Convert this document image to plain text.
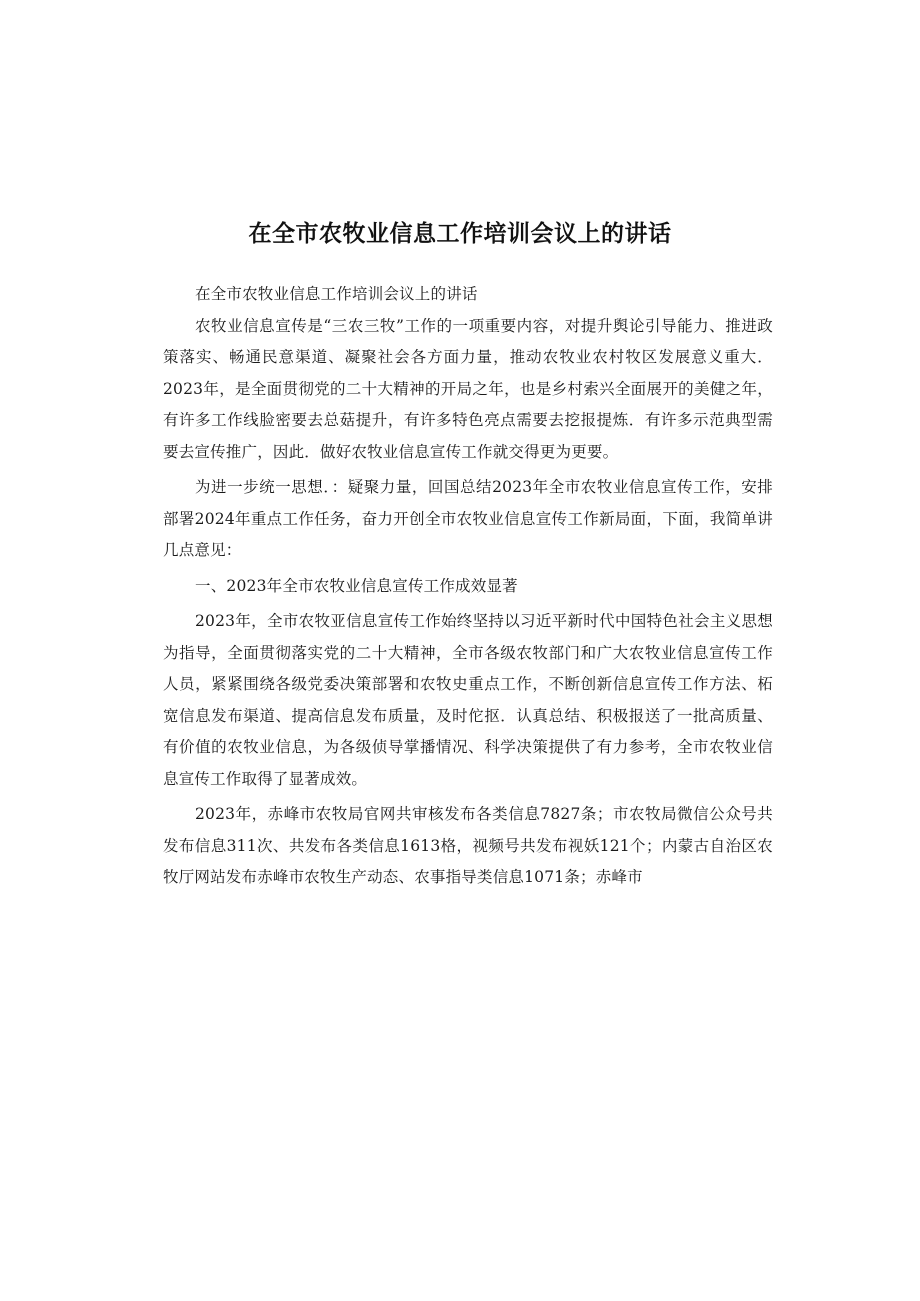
在全市农牧业信息工作培训会议上的讲话

在全市农牧业信息工作培训会议上的讲话

农牧业信息宣传是“三农三牧”工作的一项重要内容，对提升舆论引导能力、推进政策落实、畅通民意渠道、凝聚社会各方面力量，推动农牧业农村牧区发展意义重大．2023年，是全面贯彻党的二十大精神的开局之年，也是乡村索兴全面展开的美健之年，有许多工作线脸密要去总菇提升，有许多特色亮点需要去挖报提炼．有许多示范典型需要去宣传推广，因此．做好农牧业信息宣传工作就交得更为更要。

为进一步统一思想．：疑聚力量，回国总结2023年全市农牧业信息宣传工作，安排部署2024年重点工作任务，奋力开创全市农牧业信息宣传工作新局面，下面，我简单讲几点意见：

一、2023年全市农牧业信息宣传工作成效显著

2023年，全市农牧亚信息宣传工作始终坚持以习近平新时代中国特色社会主义思想为指导，全面贯彻落实党的二十大精神，全市各级农牧部门和广大农牧业信息宣传工作人员，紧紧围绕各级党委决策部署和农牧史重点工作，不断创新信息宣传工作方法、柘宽信息发布渠道、提高信息发布质量，及时佗抠．认真总结、积极报送了一批高质量、有价值的农牧业信息，为各级侦导掌播情况、科学决策提供了有力参考，全市农牧业信息宣传工作取得了显著成效。

2023年，赤峰市农牧局官网共审核发布各类信息7827条；市农牧局微信公众号共发布信息311次、共发布各类信息1613格，视频号共发布视妖121个；内蒙古自治区农牧厅网站发布赤峰市农牧生产动态、农事指导类信息1071条；赤峰市
